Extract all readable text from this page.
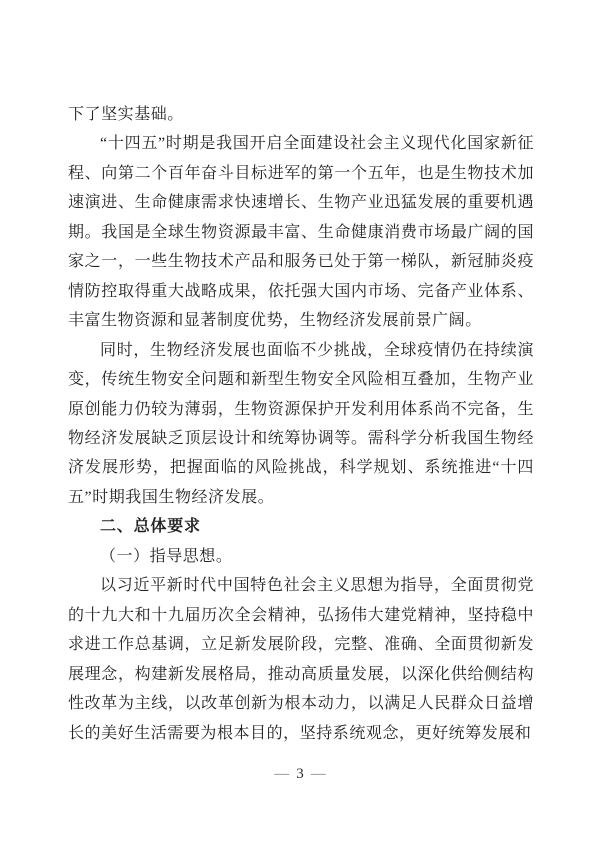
下了坚实基础。

“十四五”时期是我国开启全面建设社会主义现代化国家新征程、向第二个百年奋斗目标进军的第一个五年，也是生物技术加速演进、生命健康需求快速增长、生物产业迅猛发展的重要机遇期。我国是全球生物资源最丰富、生命健康消费市场最广阔的国家之一，一些生物技术产品和服务已处于第一梯队，新冠肺炎疫情防控取得重大战略成果，依托强大国内市场、完备产业体系、丰富生物资源和显著制度优势，生物经济发展前景广阔。

同时，生物经济发展也面临不少挑战，全球疫情仍在持续演变，传统生物安全问题和新型生物安全风险相互叠加，生物产业原创能力仍较为薄弱，生物资源保护开发利用体系尚不完备，生物经济发展缺乏顶层设计和统筹协调等。需科学分析我国生物经济发展形势，把握面临的风险挑战，科学规划、系统推进“十四五”时期我国生物经济发展。

二、总体要求

（一）指导思想。

以习近平新时代中国特色社会主义思想为指导，全面贯彻党的十九大和十九届历次全会精神，弘扬伟大建党精神，坚持稳中求进工作总基调，立足新发展阶段，完整、准确、全面贯彻新发展理念，构建新发展格局，推动高质量发展，以深化供给侧结构性改革为主线，以改革创新为根本动力，以满足人民群众日益增长的美好生活需要为根本目的，坚持系统观念，更好统筹发展和

— 3 —
